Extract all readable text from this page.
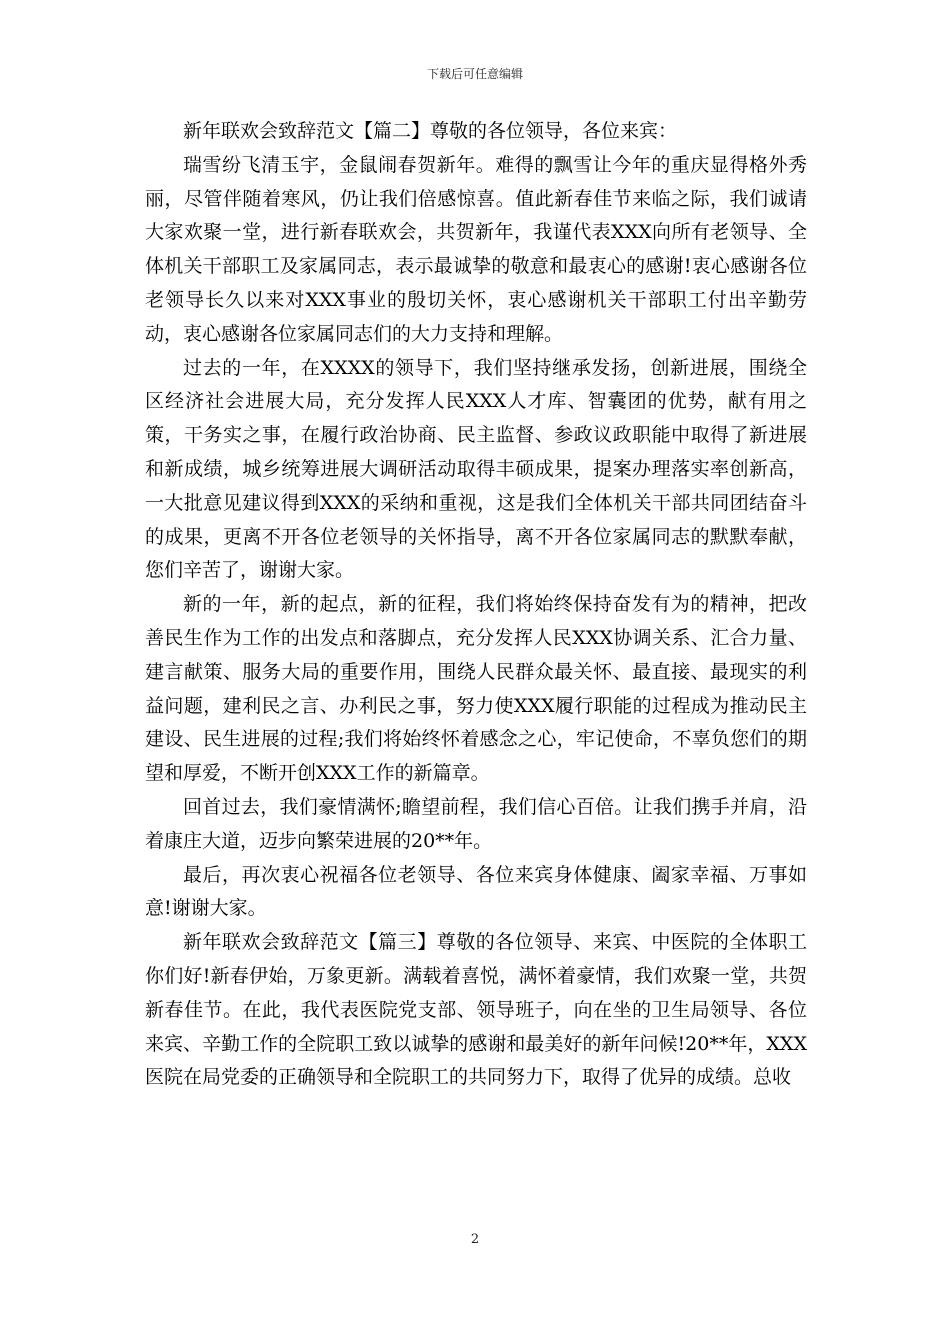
下载后可任意编辑

新年联欢会致辞范文【篇二】尊敬的各位领导，各位来宾：

瑞雪纷飞清玉宇，金鼠闹春贺新年。难得的飘雪让今年的重庆显得格外秀丽，尽管伴随着寒风，仍让我们倍感惊喜。值此新春佳节来临之际，我们诚请大家欢聚一堂，进行新春联欢会，共贺新年，我谨代表XXX向所有老领导、全体机关干部职工及家属同志，表示最诚挚的敬意和最衷心的感谢!衷心感谢各位老领导长久以来对XXX事业的殷切关怀，衷心感谢机关干部职工付出辛勤劳动，衷心感谢各位家属同志们的大力支持和理解。

过去的一年，在XXXX的领导下，我们坚持继承发扬，创新进展，围绕全区经济社会进展大局，充分发挥人民XXX人才库、智囊团的优势，献有用之策，干务实之事，在履行政治协商、民主监督、参政议政职能中取得了新进展和新成绩，城乡统筹进展大调研活动取得丰硕成果，提案办理落实率创新高，一大批意见建议得到XXX的采纳和重视，这是我们全体机关干部共同团结奋斗的成果，更离不开各位老领导的关怀指导，离不开各位家属同志的默默奉献，您们辛苦了，谢谢大家。

新的一年，新的起点，新的征程，我们将始终保持奋发有为的精神，把改善民生作为工作的出发点和落脚点，充分发挥人民XXX协调关系、汇合力量、建言献策、服务大局的重要作用，围绕人民群众最关怀、最直接、最现实的利益问题，建利民之言、办利民之事，努力使XXX履行职能的过程成为推动民主建设、民生进展的过程;我们将始终怀着感念之心，牢记使命，不辜负您们的期望和厚爱，不断开创XXX工作的新篇章。

回首过去，我们豪情满怀;瞻望前程，我们信心百倍。让我们携手并肩，沿着康庄大道，迈步向繁荣进展的20**年。

最后，再次衷心祝福各位老领导、各位来宾身体健康、阖家幸福、万事如意!谢谢大家。

新年联欢会致辞范文【篇三】尊敬的各位领导、来宾、中医院的全体职工你们好!新春伊始，万象更新。满载着喜悦，满怀着豪情，我们欢聚一堂，共贺新春佳节。在此，我代表医院党支部、领导班子，向在坐的卫生局领导、各位来宾、辛勤工作的全院职工致以诚挚的感谢和最美好的新年问候!20**年，XXX医院在局党委的正确领导和全院职工的共同努力下，取得了优异的成绩。总收

2
